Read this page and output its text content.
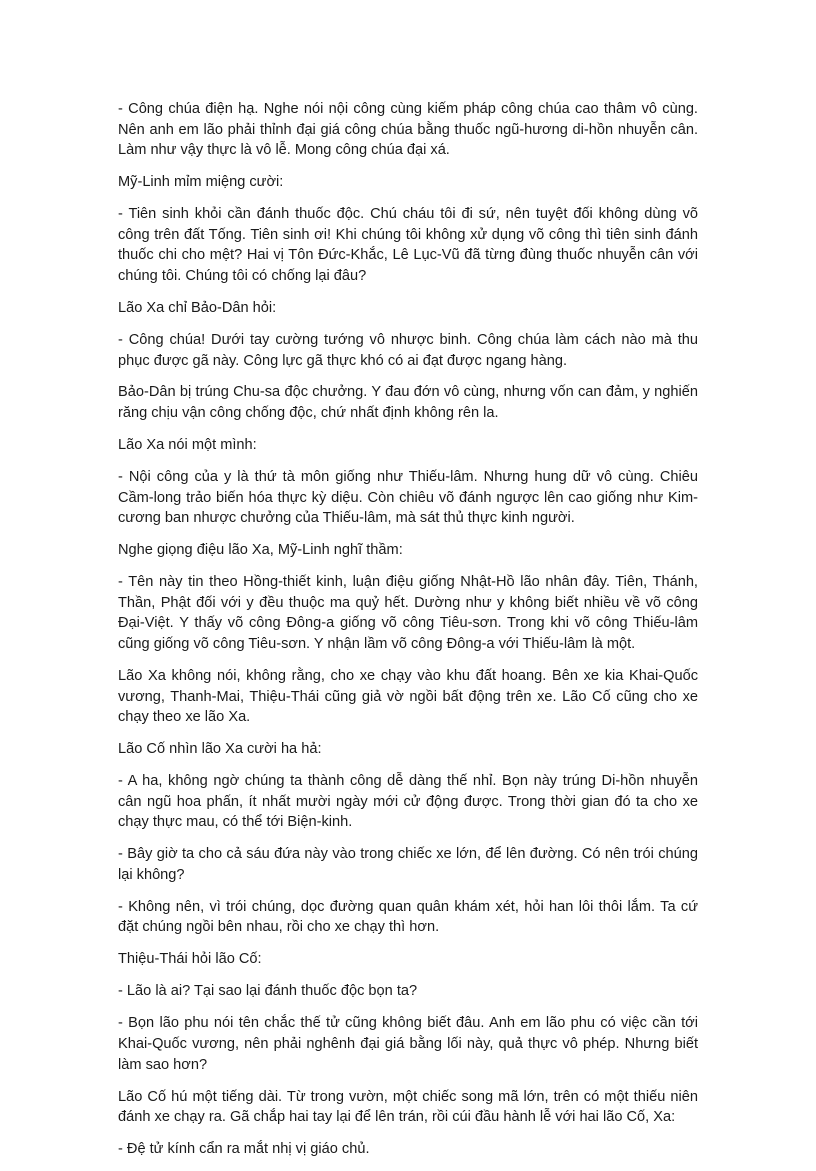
- Công chúa điện hạ. Nghe nói nội công cùng kiếm pháp công chúa cao thâm vô cùng. Nên anh em lão phải thỉnh đại giá công chúa bằng thuốc ngũ-hương di-hồn nhuyễn cân. Làm như vậy thực là vô lễ. Mong công chúa đại xá.

Mỹ-Linh mỉm miệng cười:

- Tiên sinh khỏi cần đánh thuốc độc. Chú cháu tôi đi sứ, nên tuyệt đối không dùng võ công trên đất Tống. Tiên sinh ơi! Khi chúng tôi không xử dụng võ công thì tiên sinh đánh thuốc chi cho mệt? Hai vị Tôn Đức-Khắc, Lê Lục-Vũ đã từng đùng thuốc nhuyễn cân với chúng tôi. Chúng tôi có chống lại đâu?

Lão Xa chỉ Bảo-Dân hỏi:

- Công chúa! Dưới tay cường tướng vô nhược binh. Công chúa làm cách nào mà thu phục được gã này. Công lực gã thực khó có ai đạt được ngang hàng.

Bảo-Dân bị trúng Chu-sa độc chưởng. Y đau đớn vô cùng, nhưng vốn can đảm, y nghiến răng chịu vận công chống độc, chứ nhất định không rên la.

Lão Xa nói một mình:

- Nội công của y là thứ tà môn giống như Thiếu-lâm. Nhưng hung dữ vô cùng. Chiêu Cầm-long trảo biến hóa thực kỳ diệu. Còn chiêu võ đánh ngược lên cao giống như Kim-cương ban nhược chưởng của Thiếu-lâm, mà sát thủ thực kinh người.

Nghe giọng điệu lão Xa, Mỹ-Linh nghĩ thầm:

- Tên này tin theo Hồng-thiết kinh, luận điệu giống Nhật-Hồ lão nhân đây. Tiên, Thánh, Thần, Phật đối với y đều thuộc ma quỷ hết. Dường như y không biết nhiều về võ công Đại-Việt. Y thấy võ công Đông-a giống võ công Tiêu-sơn. Trong khi võ công Thiếu-lâm cũng giống võ công Tiêu-sơn. Y nhận lầm võ công Đông-a với Thiếu-lâm là một.

Lão Xa không nói, không rằng, cho xe chạy vào khu đất hoang. Bên xe kia Khai-Quốc vương, Thanh-Mai, Thiệu-Thái cũng giả vờ ngồi bất động trên xe. Lão Cố cũng cho xe chạy theo xe lão Xa.

Lão Cố nhìn lão Xa cười ha hả:

- A ha, không ngờ chúng ta thành công dễ dàng thế nhỉ. Bọn này trúng Di-hồn nhuyễn cân ngũ hoa phấn, ít nhất mười ngày mới cử động được. Trong thời gian đó ta cho xe chạy thực mau, có thể tới Biện-kinh.

- Bây giờ ta cho cả sáu đứa này vào trong chiếc xe lớn, để lên đường. Có nên trói chúng lại không?

- Không nên, vì trói chúng, dọc đường quan quân khám xét, hỏi han lôi thôi lắm. Ta cứ đặt chúng ngồi bên nhau, rồi cho xe chạy thì hơn.

Thiệu-Thái hỏi lão Cố:

- Lão là ai? Tại sao lại đánh thuốc độc bọn ta?

- Bọn lão phu nói tên chắc thế tử cũng không biết đâu. Anh em lão phu có việc cần tới Khai-Quốc vương, nên phải nghênh đại giá bằng lối này, quả thực vô phép. Nhưng biết làm sao hơn?

Lão Cố hú một tiếng dài. Từ trong vườn, một chiếc song mã lớn, trên có một thiếu niên đánh xe chạy ra. Gã chắp hai tay lại để lên trán, rồi cúi đầu hành lễ với hai lão Cố, Xa:

- Đệ tử kính cẩn ra mắt nhị vị giáo chủ.
